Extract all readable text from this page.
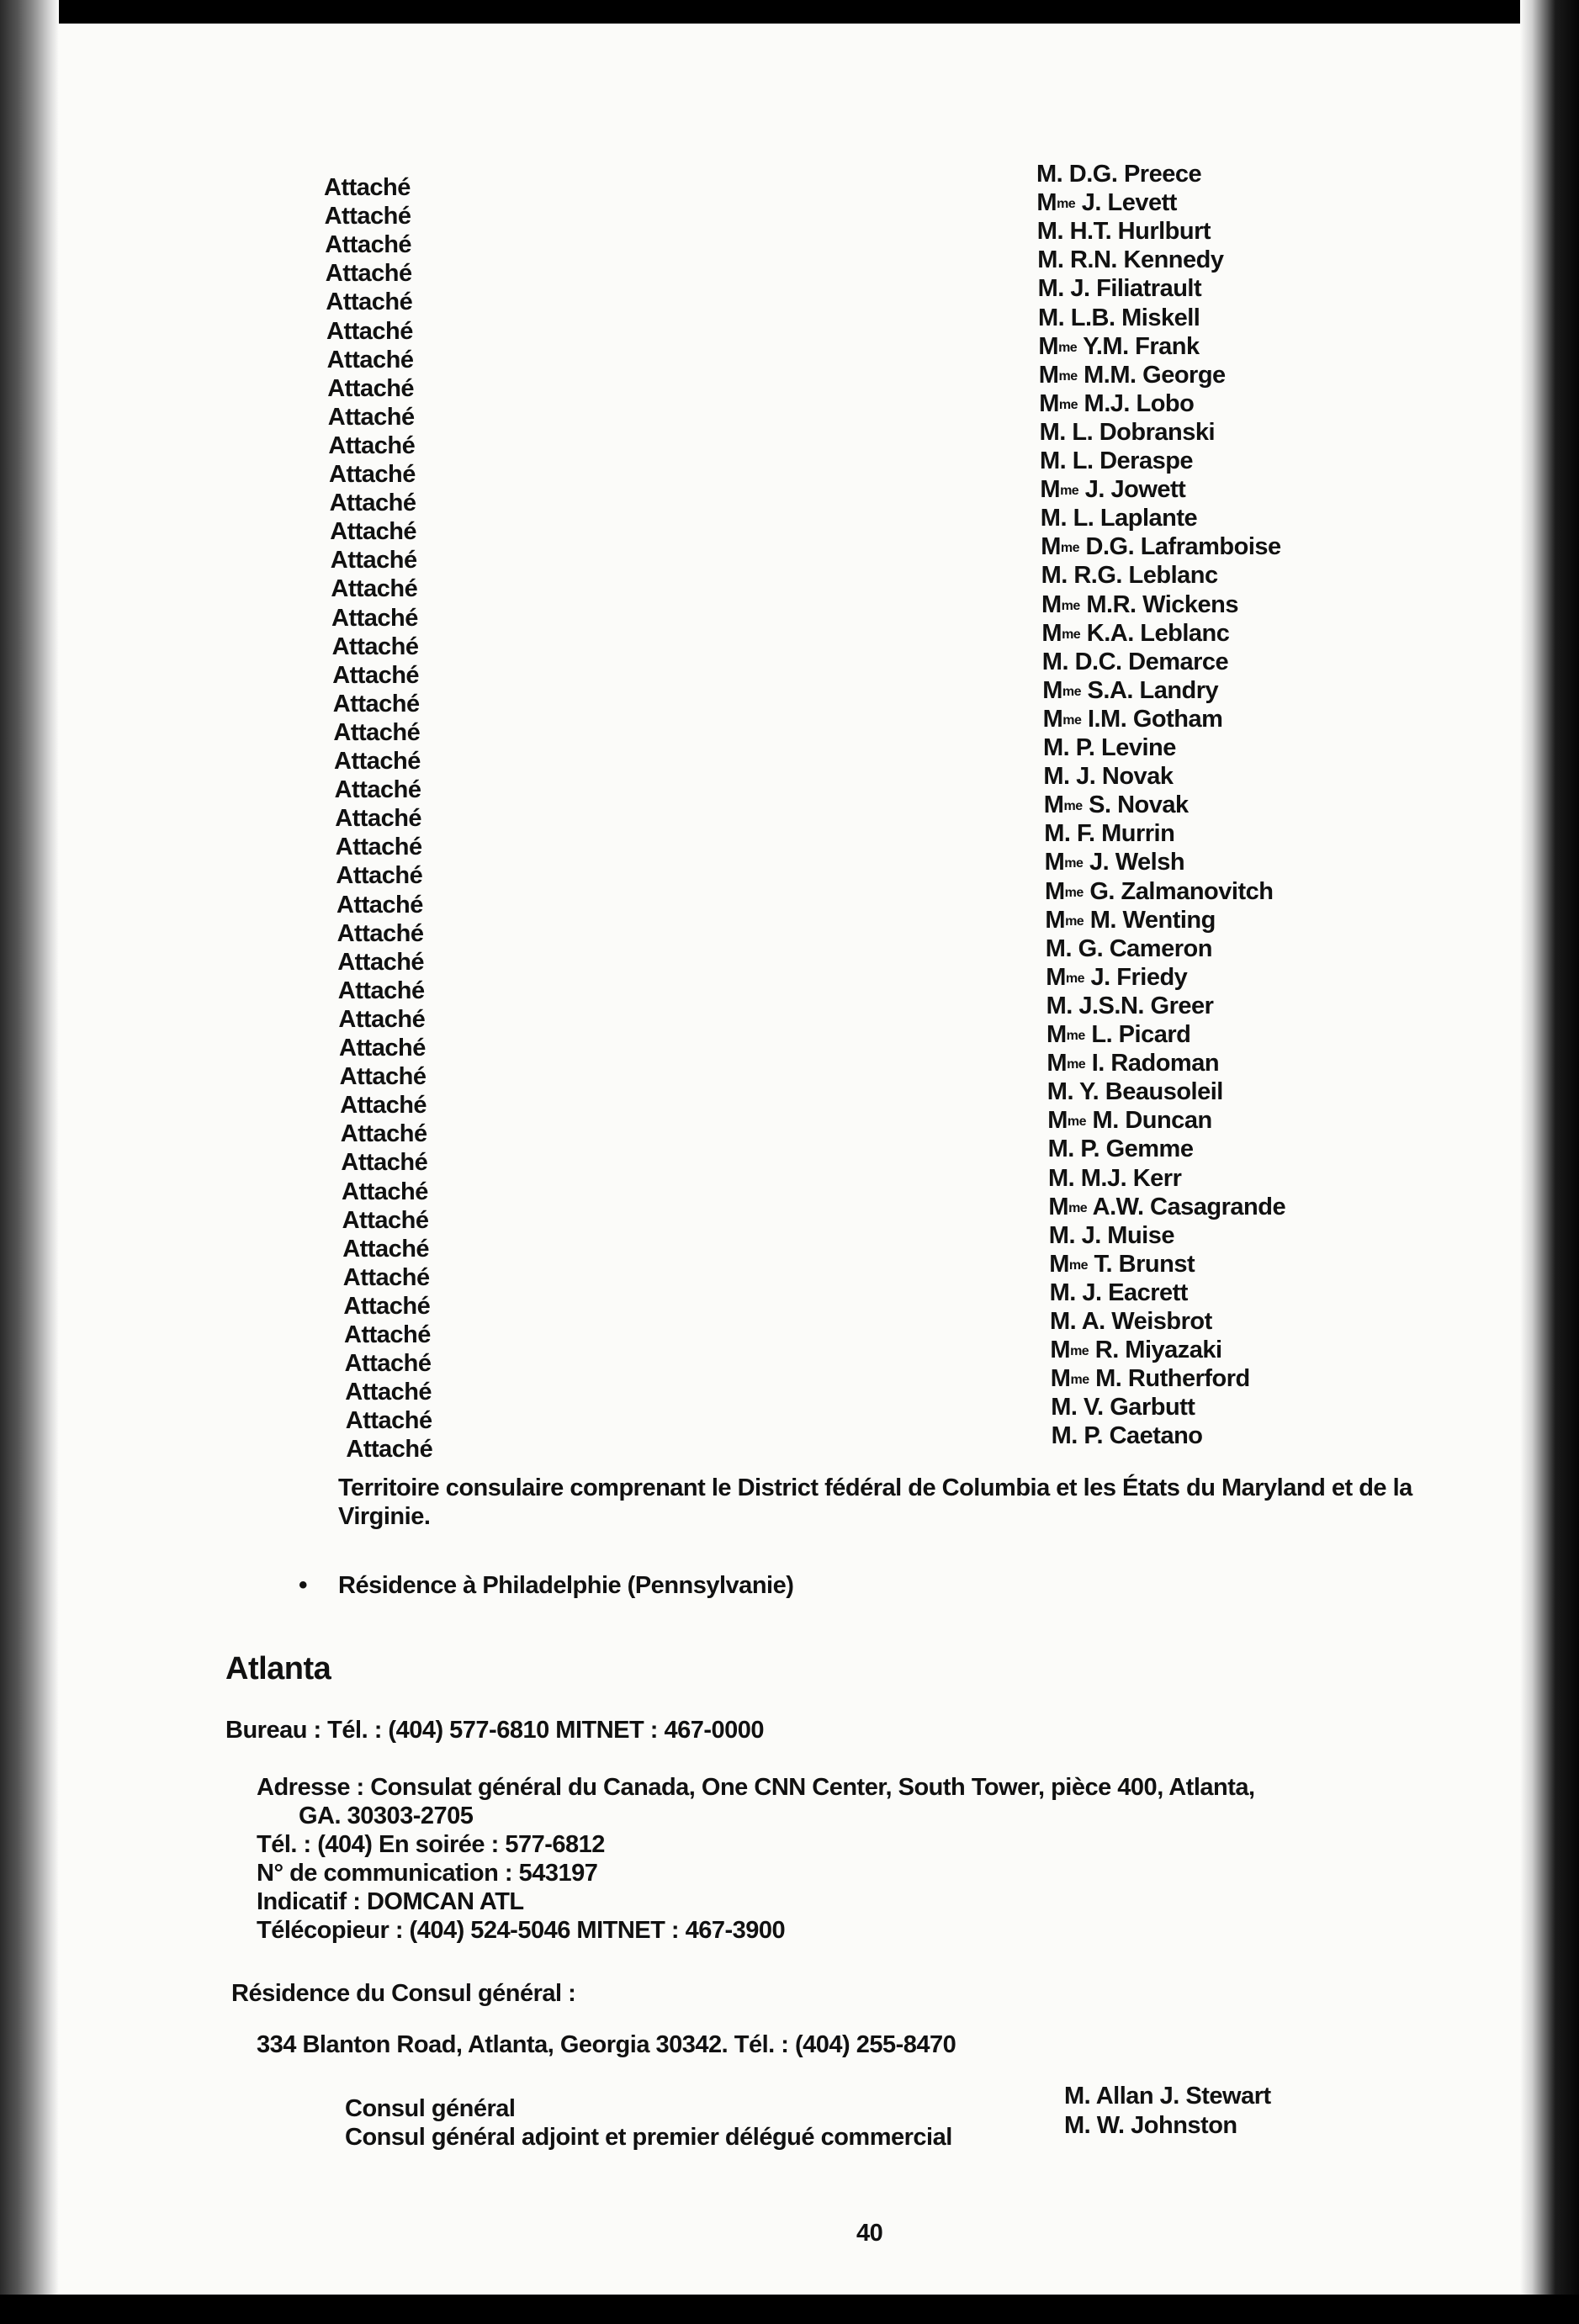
Attaché	M. D.G. Preece
Attaché	$M^{me}$ J. Levett
Attaché	M. H.T. Hurlburt
Attaché	M. R.N. Kennedy
Attaché	M. J. Filiatrault
Attaché	M. L.B. Miskell
Attaché	$M^{me}$ Y.M. Frank
Attaché	$M^{me}$ M.M. George
Attaché	$M^{me}$ M.J. Lobo
Attaché	M. L. Dobranski
Attaché	M. L. Deraspe
Attaché	$M^{me}$ J. Jowett
Attaché	M. L. Laplante
Attaché	$M^{me}$ D.G. Laframboise
Attaché	M. R.G. Leblanc
Attaché	$M^{me}$ M.R. Wickens
Attaché	$M^{me}$ K.A. Leblanc
Attaché	M. D.C. Demarce
Attaché	$M^{me}$ S.A. Landry
Attaché	$M^{me}$ I.M. Gotham
Attaché	M. P. Levine
Attaché	M. J. Novak
Attaché	$M^{me}$ S. Novak
Attaché	M. F. Murrin
Attaché	$M^{me}$ J. Welsh
Attaché	$M^{me}$ G. Zalmanovitch
Attaché	$M^{me}$ M. Wenting
Attaché	M. G. Cameron
Attaché	$M^{me}$ J. Friedy
Attaché	M. J.S.N. Greer
Attaché	$M^{me}$ L. Picard
Attaché	$M^{me}$ I. Radoman
Attaché	M. Y. Beausoleil
Attaché	$M^{me}$ M. Duncan
Attaché	M. P. Gemme
Attaché	M. M.J. Kerr
Attaché	$M^{me}$ A.W. Casagrande
Attaché	M. J. Muise
Attaché	$M^{me}$ T. Brunst
Attaché	M. J. Eacrett
Attaché	M. A. Weisbrot
Attaché	$M^{me}$ R. Miyazaki
Attaché	$M^{me}$ M. Rutherford
Attaché	M. V. Garbutt
Attaché	M. P. Caetano
Territoire consulaire comprenant le District fédéral de Columbia et les États du Maryland et de la
Virginie.
• Résidence à Philadelphie (Pennsylvanie)
Atlanta
Bureau : Tél. : (404) 577-6810 MITNET : 467-0000
Adresse : Consulat général du Canada, One CNN Center, South Tower, pièce 400, Atlanta,
GA. 30303-2705
Tél. : (404) En soirée : 577-6812
N° de communication : 543197
Indicatif : DOMCAN ATL
Télécopieur : (404) 524-5046 MITNET : 467-3900
Résidence du Consul général :
334 Blanton Road, Atlanta, Georgia 30342. Tél. : (404) 255-8470
Consul général	M. Allan J. Stewart
Consul général adjoint et premier délégué commercial	M. W. Johnston
40
